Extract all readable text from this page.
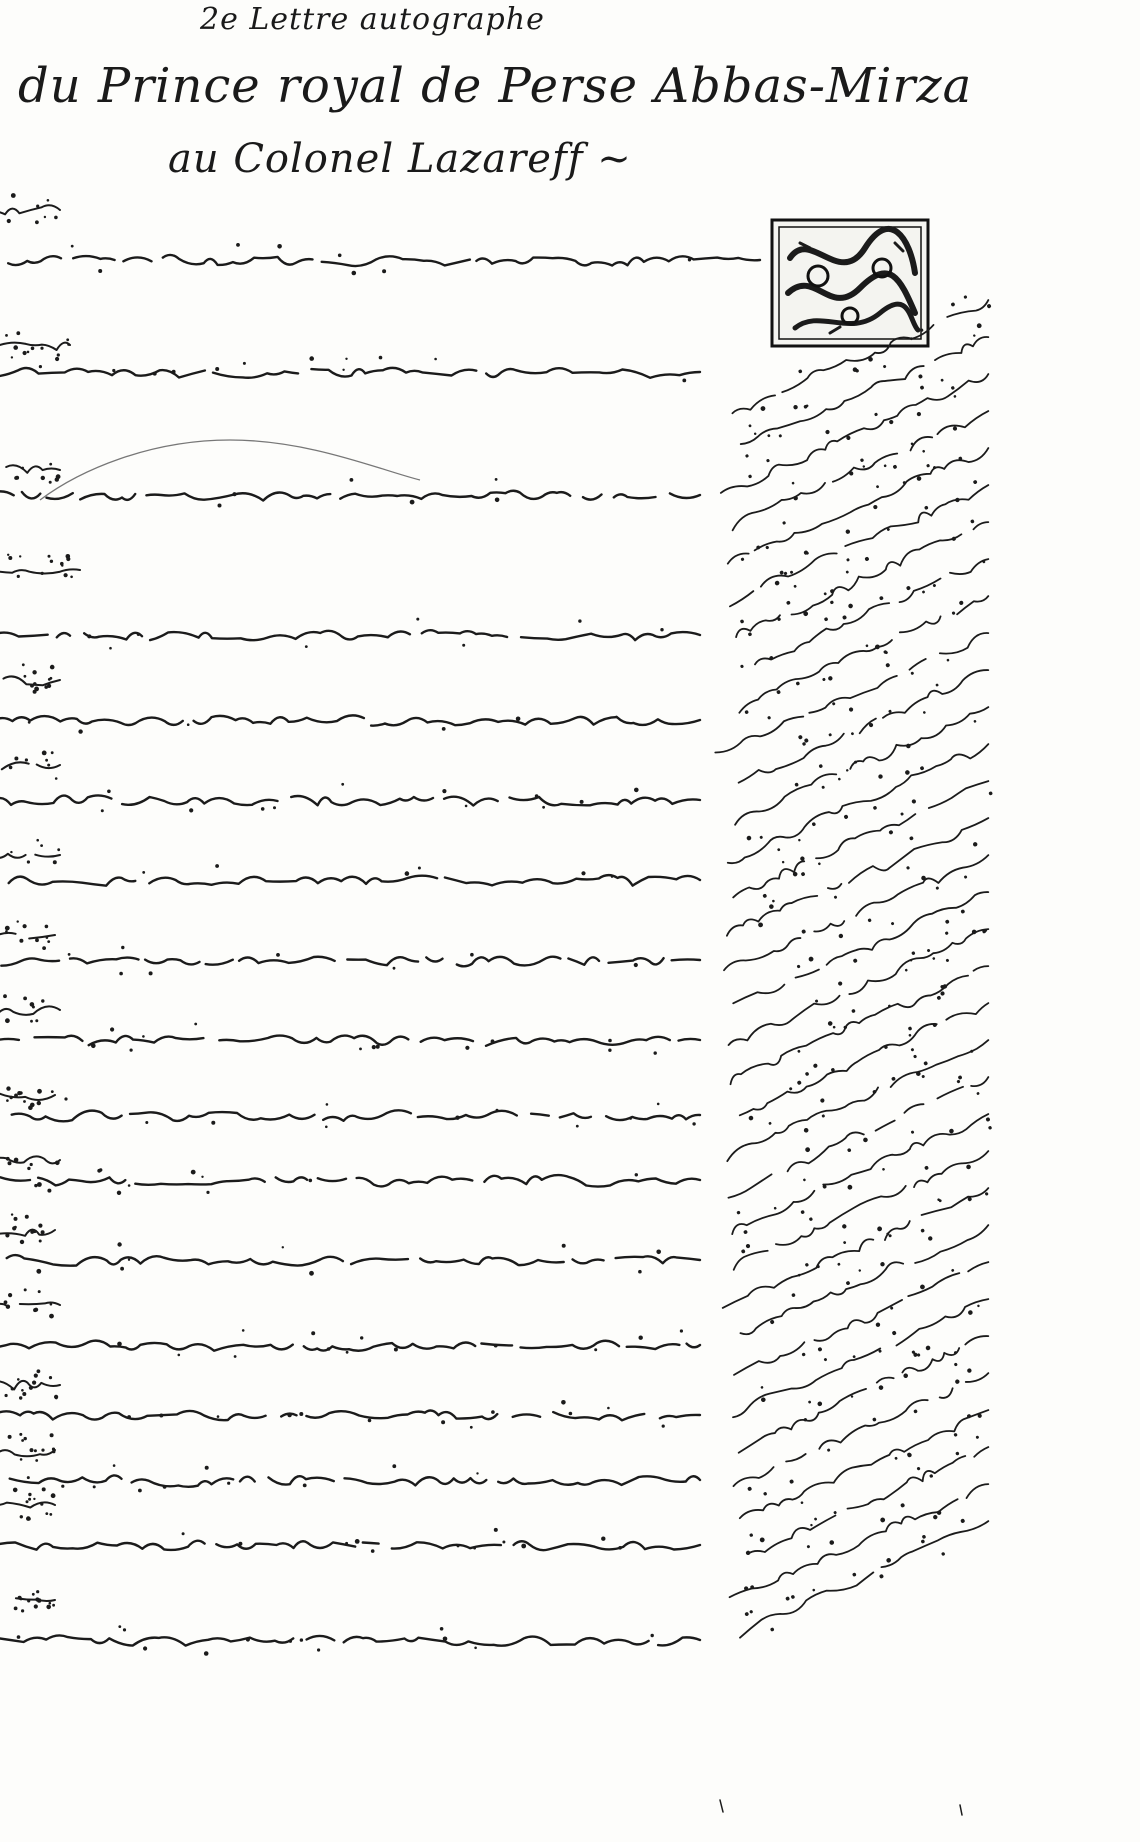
2e Lettre autographe
du Prince royal de Perse Abbas-Mirza
au Colonel Lazareff ~
